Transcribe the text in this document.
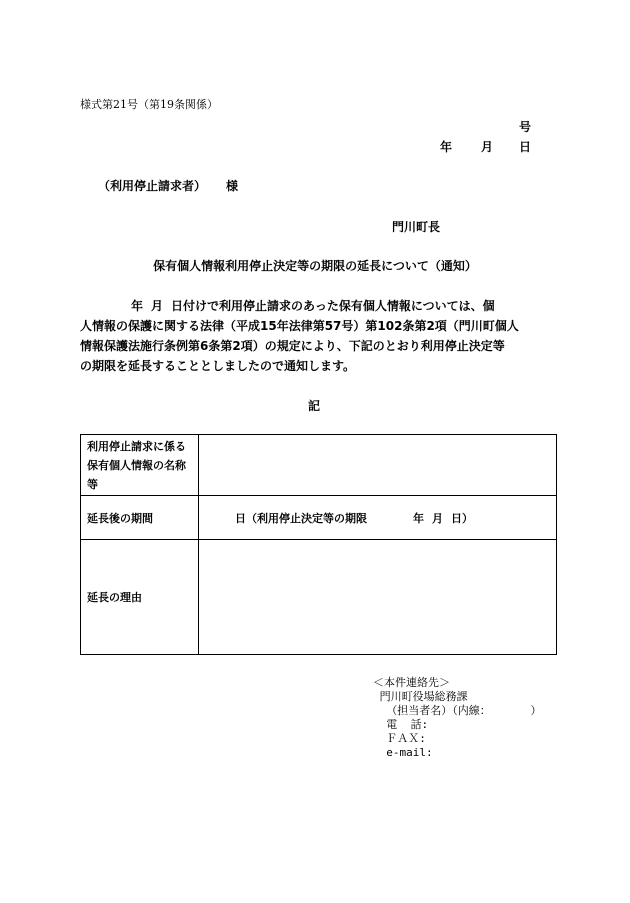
様式第21号（第19条関係）
号
年 月 日
（利用停止請求者） 様
門川町長
保有個人情報利用停止決定等の期限の延長について（通知）
年 月 日付けで利用停止請求のあった保有個人情報については、個
人情報の保護に関する法律（平成15年法律第57号）第102条第2項（門川町個人
情報保護法施行条例第6条第2項）の規定により、下記のとおり利用停止決定等
の期限を延長することとしましたので通知します。
記
利用停止請求に係る
保有個人情報の名称
等	

延長後の期間	日（利用停止決定等の期限 年 月 日）
延長の理由	
＜本件連絡先＞
門川町役場総務課
（担当者名）（内線：      ）
電  話:
ＦＡＸ:
e-mail:
